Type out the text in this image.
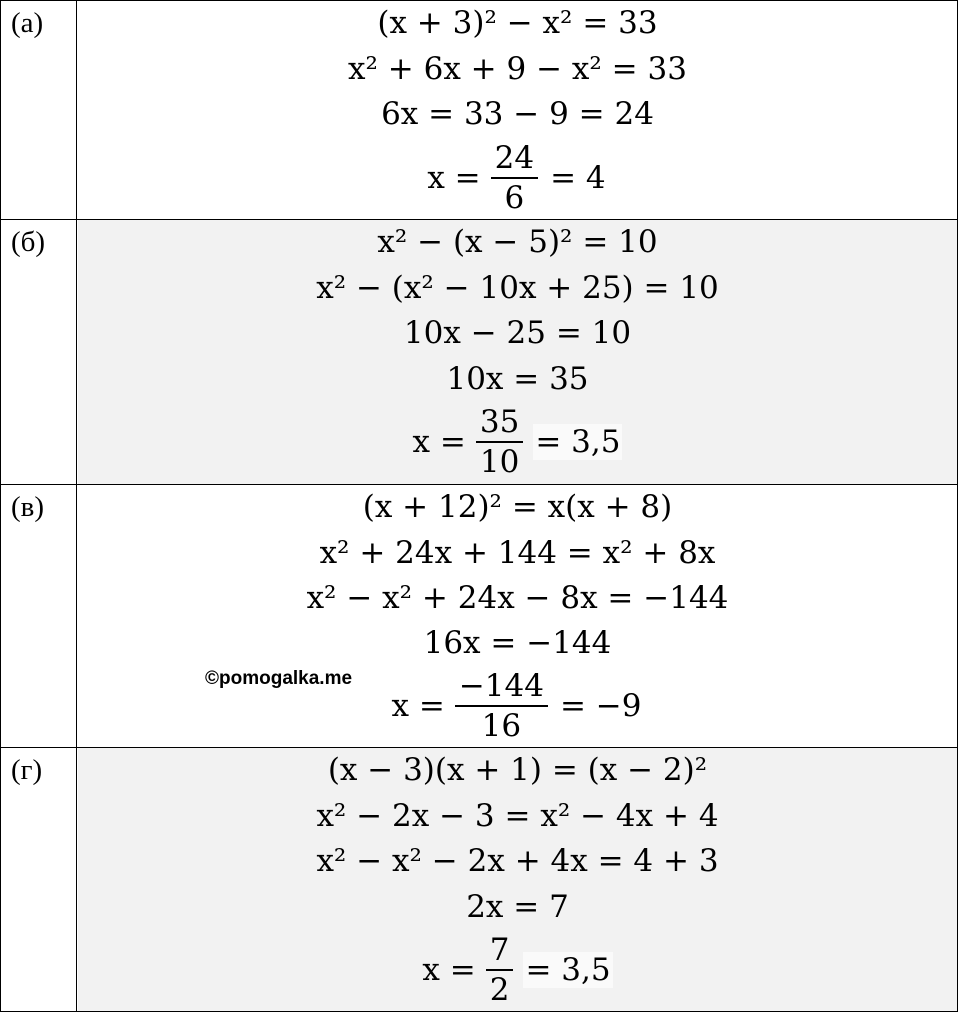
(а)	(x + 3)² − x² = 33
x² + 6x + 9 − x² = 33
6x = 33 − 9 = 24
$x = \frac{24}{6} = 4$
(б)	x² − (x − 5)² = 10
x² − (x² − 10x + 25) = 10
10x − 25 = 10
10x = 35
$x = \frac{35}{10} = 3,5$
(в)	(x + 12)² = x(x + 8)
x² + 24x + 144 = x² + 8x
x² − x² + 24x − 8x = −144
16x = −144
$x = \frac{-144}{16} = -9$
(г)	(x − 3)(x + 1) = (x − 2)²
x² − 2x − 3 = x² − 4x + 4
x² − x² − 2x + 4x = 4 + 3
2x = 7
$x = \frac{7}{2} = 3,5$
©pomogalka.me
